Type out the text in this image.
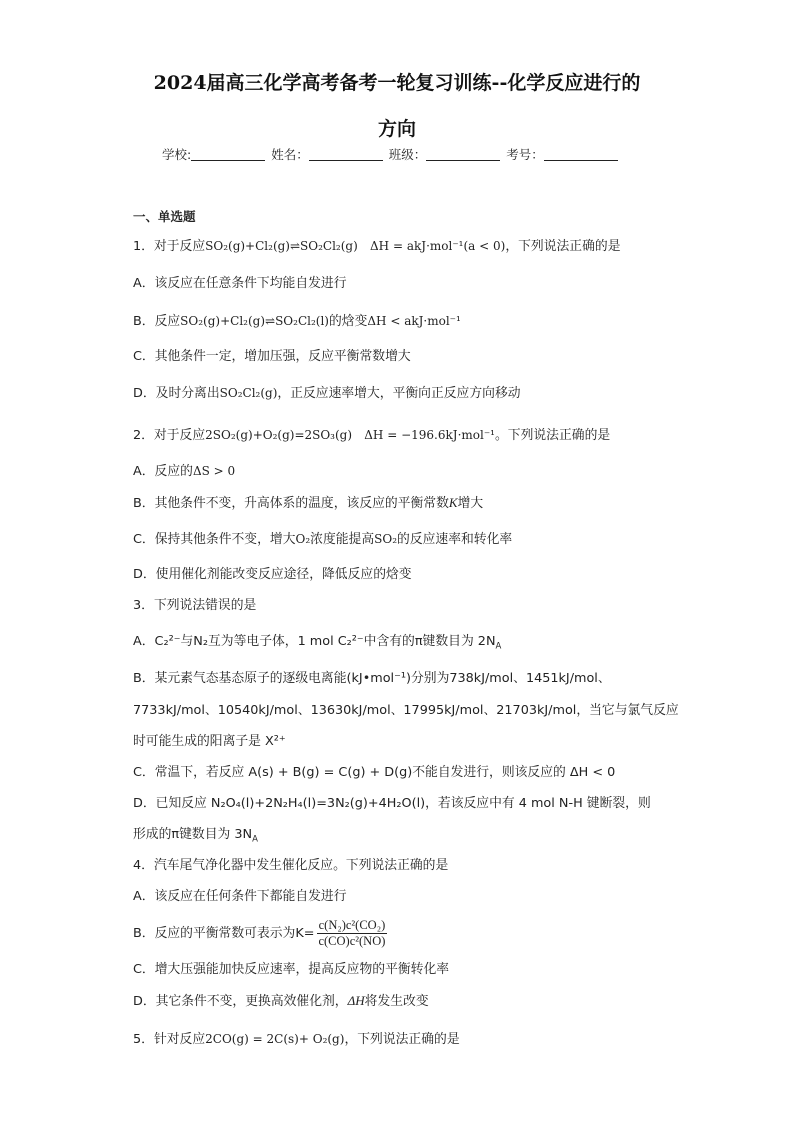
2024届高三化学高考备考一轮复习训练--化学反应进行的
方向
学校:	姓名：	班级：	考号：
一、单选题
1．对于反应SO₂(g)+Cl₂(g)⇌SO₂Cl₂(g) ΔH = akJ·mol⁻¹(a < 0)，下列说法正确的是
A．该反应在任意条件下均能自发进行
B．反应SO₂(g)+Cl₂(g)⇌SO₂Cl₂(l)的焓变ΔH < akJ·mol⁻¹
C．其他条件一定，增加压强，反应平衡常数增大
D．及时分离出SO₂Cl₂(g)，正反应速率增大，平衡向正反应方向移动
2．对于反应2SO₂(g)+O₂(g)=2SO₃(g) ΔH = −196.6kJ·mol⁻¹。下列说法正确的是
A．反应的ΔS > 0
B．其他条件不变，升高体系的温度，该反应的平衡常数K增大
C．保持其他条件不变，增大O₂浓度能提高SO₂的反应速率和转化率
D．使用催化剂能改变反应途径，降低反应的焓变
3．下列说法错误的是
A．C₂²⁻与N₂互为等电子体，1 mol C₂²⁻中含有的π键数目为 $2N_A$
B．某元素气态基态原子的逐级电离能(kJ•mol⁻¹)分别为738kJ/mol、1451kJ/mol、
7733kJ/mol、10540kJ/mol、13630kJ/mol、17995kJ/mol、21703kJ/mol，当它与氯气反应
时可能生成的阳离子是 X²⁺
C．常温下，若反应 A(s) + B(g) = C(g) + D(g)不能自发进行，则该反应的 ΔH < 0
D．已知反应 N₂O₄(l)+2N₂H₄(l)=3N₂(g)+4H₂O(l)，若该反应中有 4 mol N-H 键断裂，则
形成的π键数目为 $3N_A$
4．汽车尾气净化器中发生催化反应。下列说法正确的是
A．该反应在任何条件下都能自发进行
B．反应的平衡常数可表示为$K= \frac{\text{c(N₂)c²(CO₂)}}{\text{c(CO)c²(NO)}}$
C．增大压强能加快反应速率，提高反应物的平衡转化率
D．其它条件不变，更换高效催化剂，ΔH将发生改变
5．针对反应2CO(g) = 2C(s)+ O₂(g)，下列说法正确的是
